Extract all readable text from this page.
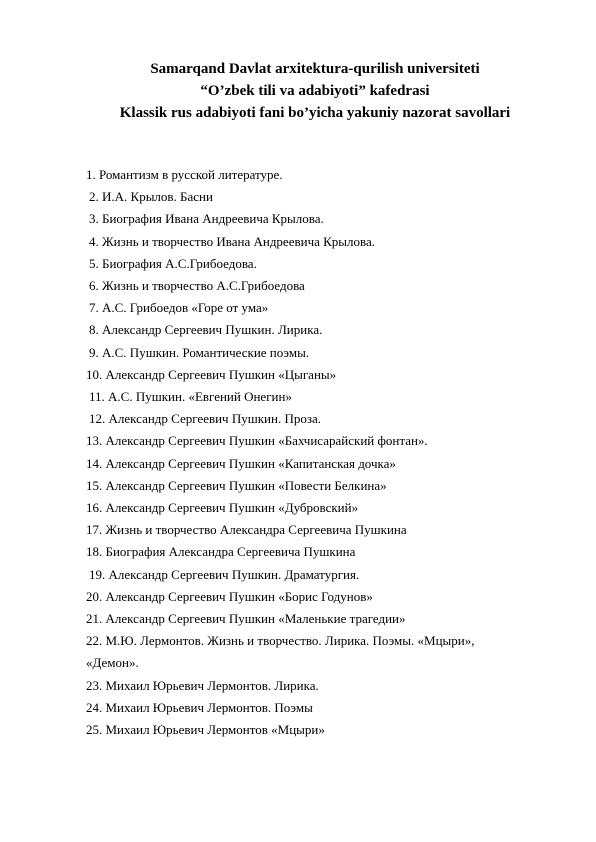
Samarqand Davlat arxitektura-qurilish universiteti
“O’zbek tili va adabiyoti” kafedrasi
Klassik rus adabiyoti fani bo’yicha yakuniy nazorat savollari
1. Романтизм в русской литературе.
2. И.А. Крылов. Басни
3. Биография Ивана Андреевича Крылова.
4. Жизнь и творчество Ивана Андреевича Крылова.
5. Биография А.С.Грибоедова.
6. Жизнь и творчество А.С.Грибоедова
7. А.С. Грибоедов «Горе от ума»
8. Александр Сергеевич Пушкин. Лирика.
9. А.С. Пушкин. Романтические поэмы.
10. Александр Сергеевич Пушкин «Цыганы»
11. А.С. Пушкин. «Евгений Онегин»
12. Александр Сергеевич Пушкин. Проза.
13. Александр Сергеевич Пушкин «Бахчисарайский фонтан».
14. Александр Сергеевич Пушкин «Капитанская дочка»
15. Александр Сергеевич Пушкин «Повести Белкина»
16. Александр Сергеевич Пушкин «Дубровский»
17. Жизнь и творчество Александра Сергеевича Пушкина
18. Биография Александра Сергеевича Пушкина
19. Александр Сергеевич Пушкин. Драматургия.
20. Александр Сергеевич Пушкин «Борис Годунов»
21. Александр Сергеевич Пушкин «Маленькие трагедии»
22. М.Ю. Лермонтов. Жизнь и творчество. Лирика. Поэмы. «Мцыри», «Демон».
23. Михаил Юрьевич Лермонтов. Лирика.
24. Михаил Юрьевич Лермонтов. Поэмы
25. Михаил Юрьевич Лермонтов «Мцыри»
